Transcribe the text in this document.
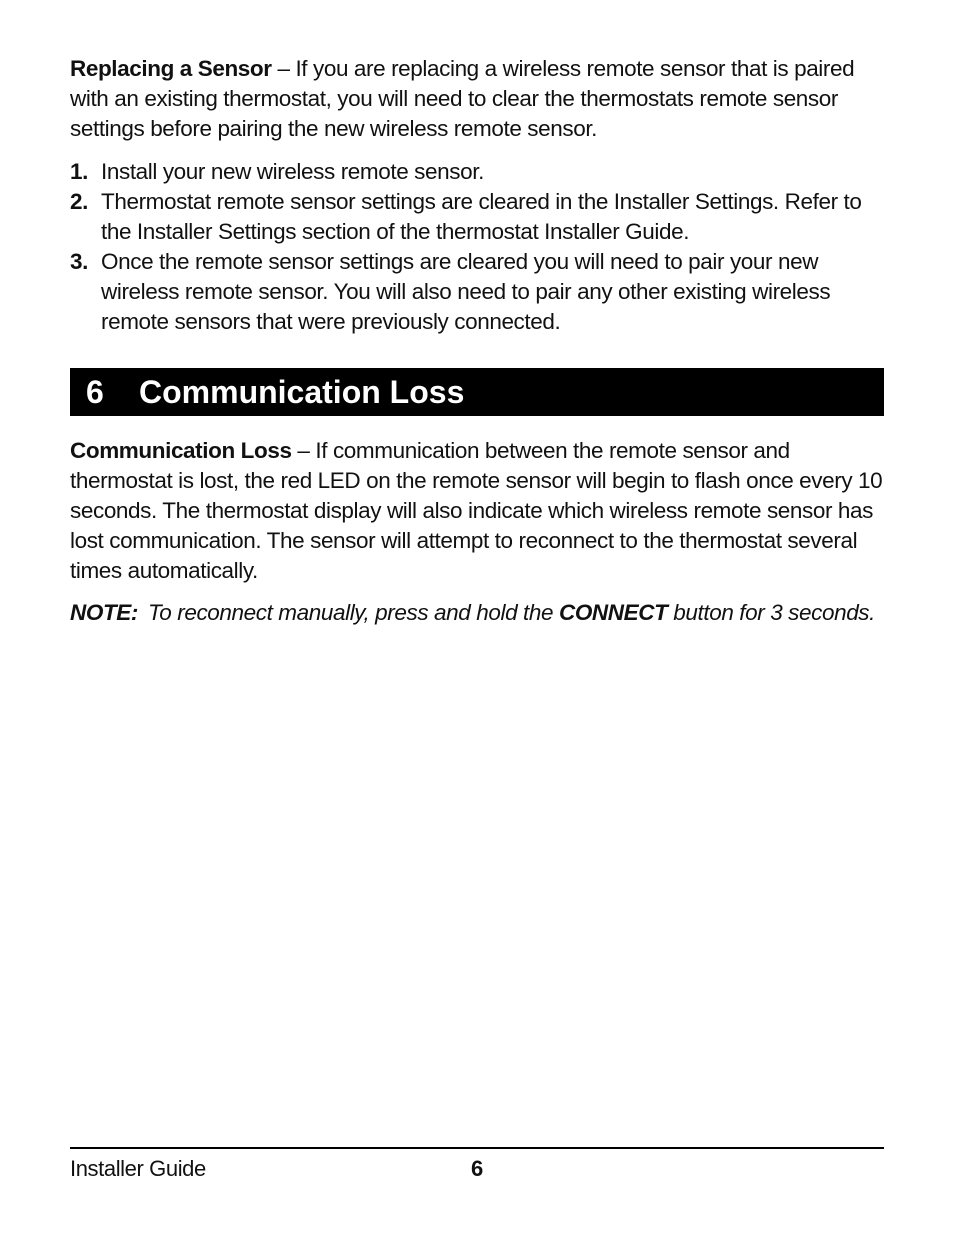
Replacing a Sensor – If you are replacing a wireless remote sensor that is paired with an existing thermostat, you will need to clear the thermostats remote sensor settings before pairing the new wireless remote sensor.
1. Install your new wireless remote sensor.
2. Thermostat remote sensor settings are cleared in the Installer Settings. Refer to the Installer Settings section of the thermostat Installer Guide.
3. Once the remote sensor settings are cleared you will need to pair your new wireless remote sensor. You will also need to pair any other existing wireless remote sensors that were previously connected.
6 Communication Loss
Communication Loss – If communication between the remote sensor and thermostat is lost, the red LED on the remote sensor will begin to flash once every 10 seconds. The thermostat display will also indicate which wireless remote sensor has lost communication. The sensor will attempt to reconnect to the thermostat several times automatically.
NOTE: To reconnect manually, press and hold the CONNECT button for 3 seconds.
Installer Guide	6
